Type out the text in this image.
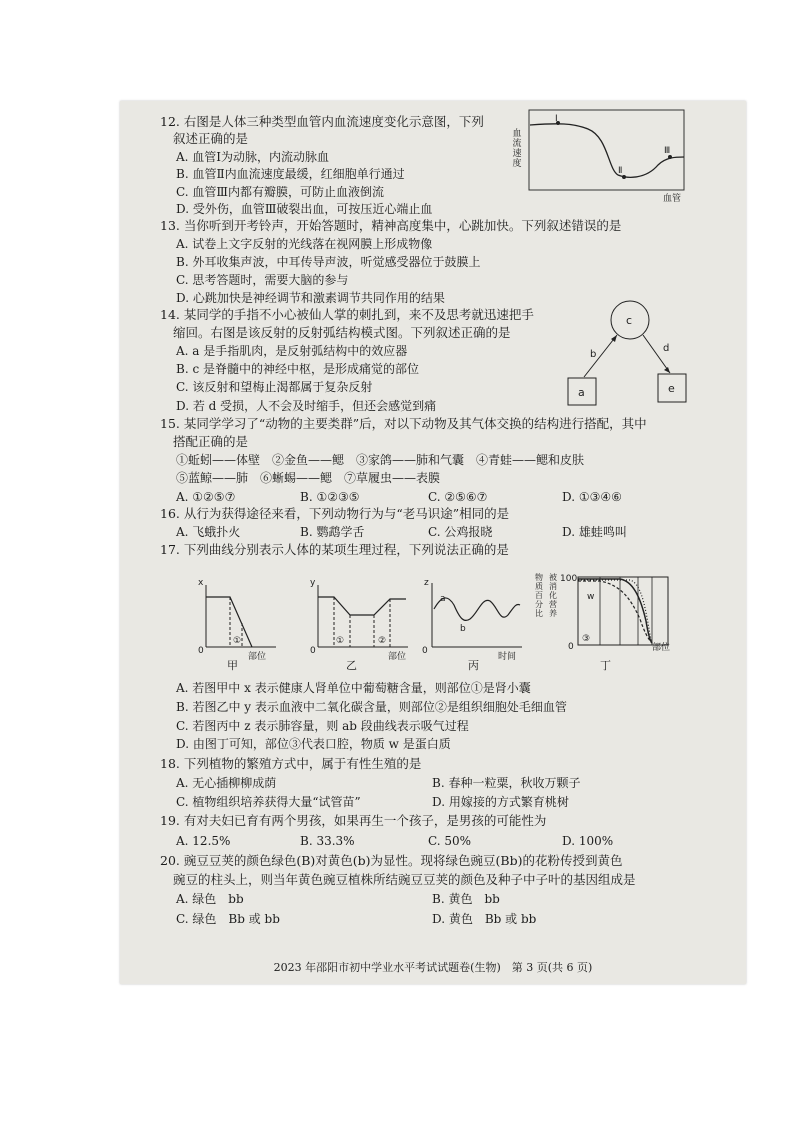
12. 右图是人体三种类型血管内血流速度变化示意图，下列
叙述正确的是
A. 血管Ⅰ为动脉，内流动脉血
B. 血管Ⅱ内血流速度最缓，红细胞单行通过
C. 血管Ⅲ内都有瓣膜，可防止血液倒流
D. 受外伤，血管Ⅲ破裂出血，可按压近心端止血
血
流
速
度
Ⅰ
Ⅱ
Ⅲ
血管
13. 当你听到开考铃声，开始答题时，精神高度集中，心跳加快。下列叙述错误的是
A. 试卷上文字反射的光线落在视网膜上形成物像
B. 外耳收集声波，中耳传导声波，听觉感受器位于鼓膜上
C. 思考答题时，需要大脑的参与
D. 心跳加快是神经调节和激素调节共同作用的结果
14. 某同学的手指不小心被仙人掌的刺扎到，来不及思考就迅速把手
缩回。右图是该反射的反射弧结构模式图。下列叙述正确的是
A. a 是手指肌肉，是反射弧结构中的效应器
B. c 是脊髓中的神经中枢，是形成痛觉的部位
C. 该反射和望梅止渴都属于复杂反射
D. 若 d 受损，人不会及时缩手，但还会感觉到痛
c
b
d
a	e
15. 某同学学习了“动物的主要类群”后，对以下动物及其气体交换的结构进行搭配，其中
搭配正确的是
①蚯蚓——体壁　②金鱼——鳃　③家鸽——肺和气囊　④青蛙——鳃和皮肤
⑤蓝鲸——肺　⑥蜥蜴——鳃　⑦草履虫——表膜
A. ①②⑤⑦	B. ①②③⑤	C. ②⑤⑥⑦	D. ①③④⑥
16. 从行为获得途径来看，下列动物行为与“老马识途”相同的是
A. 飞蛾扑火	B. 鹦鹉学舌	C. 公鸡报晓	D. 雄蛙鸣叫
17. 下列曲线分别表示人体的某项生理过程，下列说法正确的是
x
0
①
部位
甲
y
0
①	②
部位
乙
z
0
a
b
时间
丙
物
质
百
分
比被
消
化
营
养
100
0
w
③
部位
丁
A. 若图甲中 x 表示健康人肾单位中葡萄糖含量，则部位①是肾小囊
B. 若图乙中 y 表示血液中二氧化碳含量，则部位②是组织细胞处毛细血管
C. 若图丙中 z 表示肺容量，则 ab 段曲线表示吸气过程
D. 由图丁可知，部位③代表口腔，物质 w 是蛋白质
18. 下列植物的繁殖方式中，属于有性生殖的是
A. 无心插柳柳成荫	B. 春种一粒粟，秋收万颗子
C. 植物组织培养获得大量“试管苗”	D. 用嫁接的方式繁育桃树
19. 有对夫妇已育有两个男孩，如果再生一个孩子，是男孩的可能性为
A. 12.5%	B. 33.3%	C. 50%	D. 100%
20. 豌豆豆荚的颜色绿色(B)对黄色(b)为显性。现将绿色豌豆(Bb)的花粉传授到黄色
豌豆的柱头上，则当年黄色豌豆植株所结豌豆豆荚的颜色及种子中子叶的基因组成是
A. 绿色　bb	B. 黄色　bb
C. 绿色　Bb 或 bb	D. 黄色　Bb 或 bb
2023 年邵阳市初中学业水平考试试题卷(生物)　第 3 页(共 6 页)
